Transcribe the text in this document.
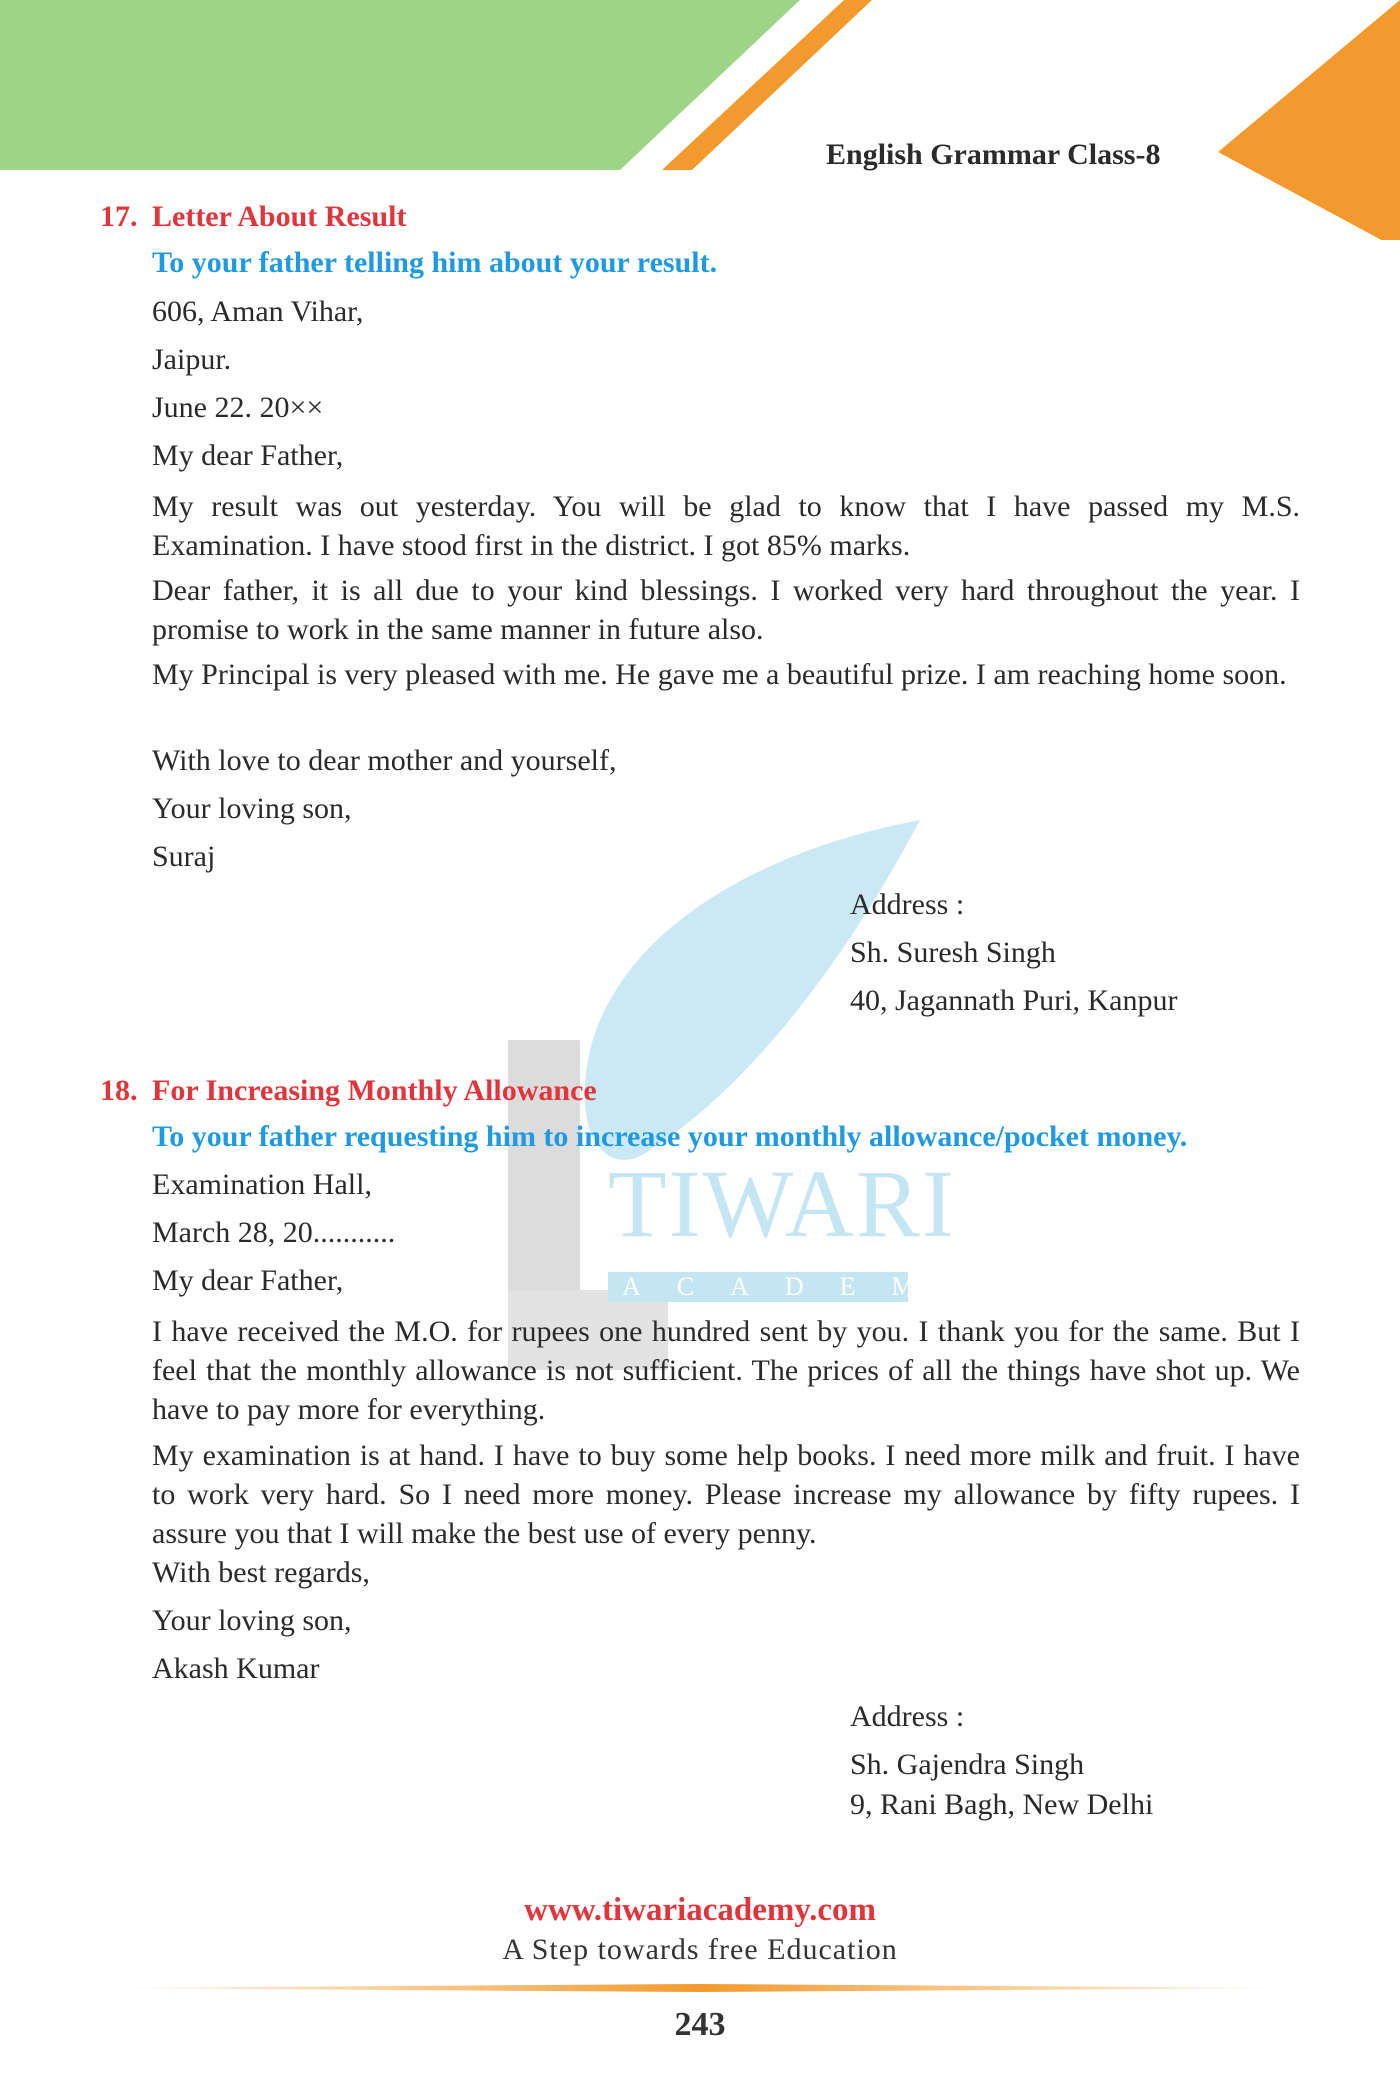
English Grammar Class-8
TIWARI
ACADEMY
17. Letter About Result
To your father telling him about your result.
606, Aman Vihar,
Jaipur.
June 22. 20××
My dear Father,
My result was out yesterday. You will be glad to know that I have passed my M.S. Examination. I have stood first in the district. I got 85% marks.
Dear father, it is all due to your kind blessings. I worked very hard throughout the year. I promise to work in the same manner in future also.
My Principal is very pleased with me. He gave me a beautiful prize. I am reaching home soon.
With love to dear mother and yourself,
Your loving son,
Suraj
Address :
Sh. Suresh Singh
40, Jagannath Puri, Kanpur
18. For Increasing Monthly Allowance
To your father requesting him to increase your monthly allowance/pocket money.
Examination Hall,
March 28, 20...........
My dear Father,
I have received the M.O. for rupees one hundred sent by you. I thank you for the same. But I feel that the monthly allowance is not sufficient. The prices of all the things have shot up. We have to pay more for everything.
My examination is at hand. I have to buy some help books. I need more milk and fruit. I have to work very hard. So I need more money. Please increase my allowance by fifty rupees. I assure you that I will make the best use of every penny.
With best regards,
Your loving son,
Akash Kumar
Address :
Sh. Gajendra Singh
9, Rani Bagh, New Delhi
www.tiwariacademy.com
A Step towards free Education
243
